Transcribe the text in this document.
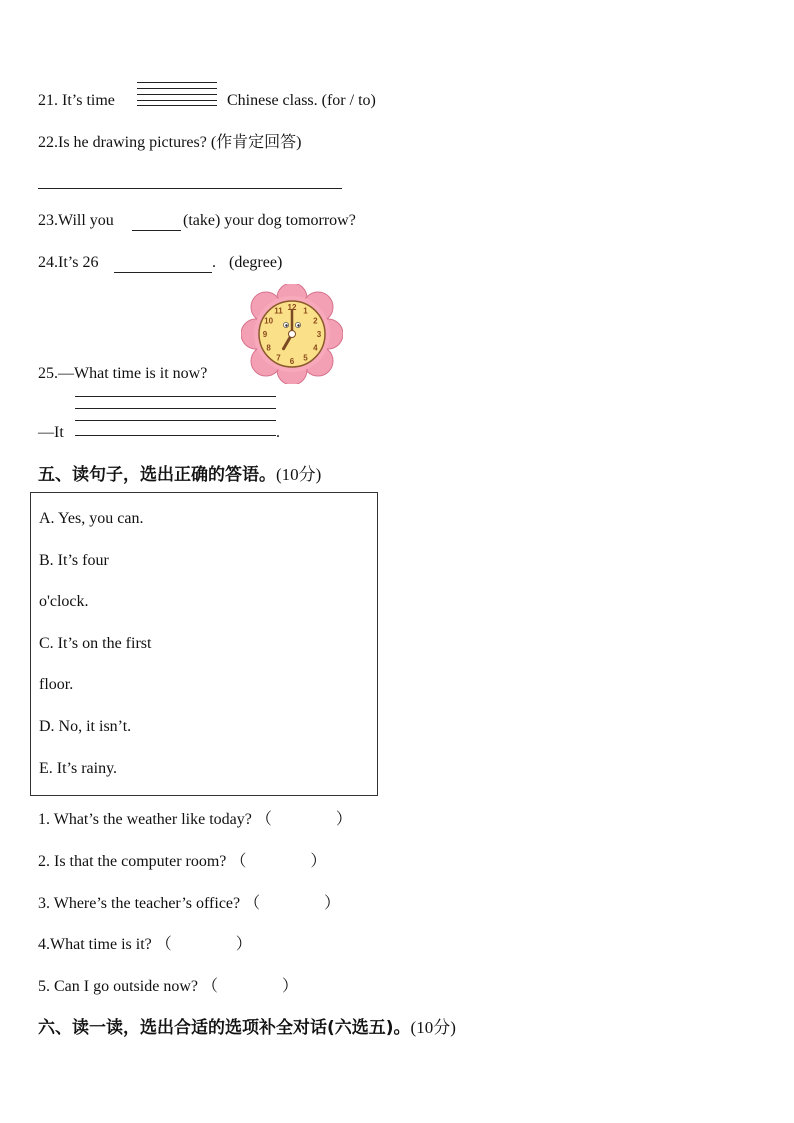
21. It’s time	Chinese class. (for / to)
22.Is he drawing pictures? (作肯定回答)
23.Will you	(take) your dog tomorrow?
24.It’s 26	. (degree)
12 1
2
3
4
5
6
7
8
9
10
11
25.—What time is it now?
—It	.
五、读句子，选出正确的答语。(10分)
A. Yes, you can.
B. It’s four
o'clock.
C. It’s on the first
floor.
D. No, it isn’t.
E. It’s rainy.
1. What’s the weather like today? （　　　　）
2. Is that the computer room? （　　　　）
3. Where’s the teacher’s office? （　　　　）
4.What time is it? （　　　　）
5. Can I go outside now? （　　　　）
六、读一读，选出合适的选项补全对话(六选五)。(10分)
